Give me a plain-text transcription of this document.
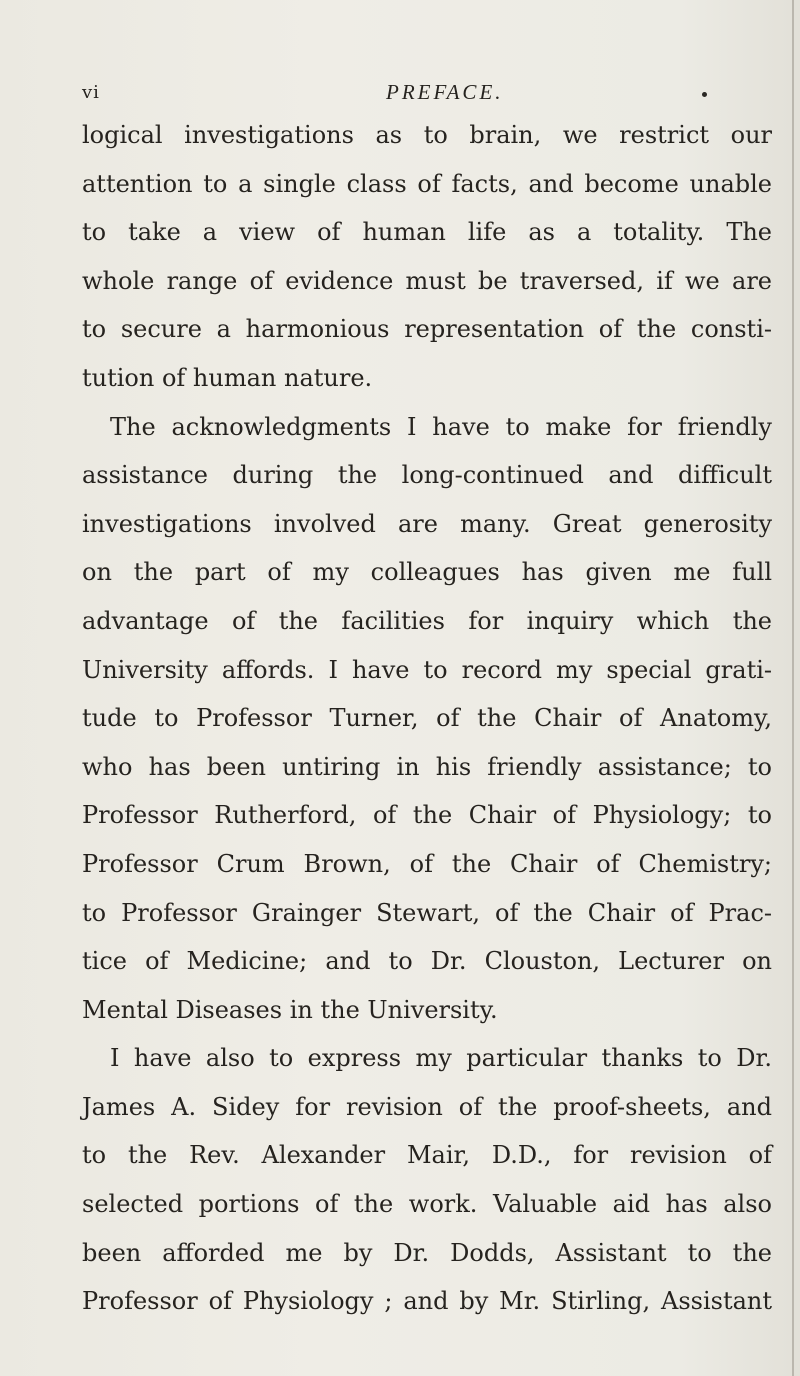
vi	PREFACE.
logical investigations as to brain, we restrict our
attention to a single class of facts, and become unable
to take a view of human life as a totality. The
whole range of evidence must be traversed, if we are
to secure a harmonious representation of the consti-
tution of human nature.
The acknowledgments I have to make for friendly
assistance during the long-continued and difficult
investigations involved are many. Great generosity
on the part of my colleagues has given me full
advantage of the facilities for inquiry which the
University affords. I have to record my special grati-
tude to Professor Turner, of the Chair of Anatomy,
who has been untiring in his friendly assistance; to
Professor Rutherford, of the Chair of Physiology; to
Professor Crum Brown, of the Chair of Chemistry;
to Professor Grainger Stewart, of the Chair of Prac-
tice of Medicine; and to Dr. Clouston, Lecturer on
Mental Diseases in the University.
I have also to express my particular thanks to Dr.
James A. Sidey for revision of the proof-sheets, and
to the Rev. Alexander Mair, D.D., for revision of
selected portions of the work. Valuable aid has also
been afforded me by Dr. Dodds, Assistant to the
Professor of Physiology ; and by Mr. Stirling, Assistant
